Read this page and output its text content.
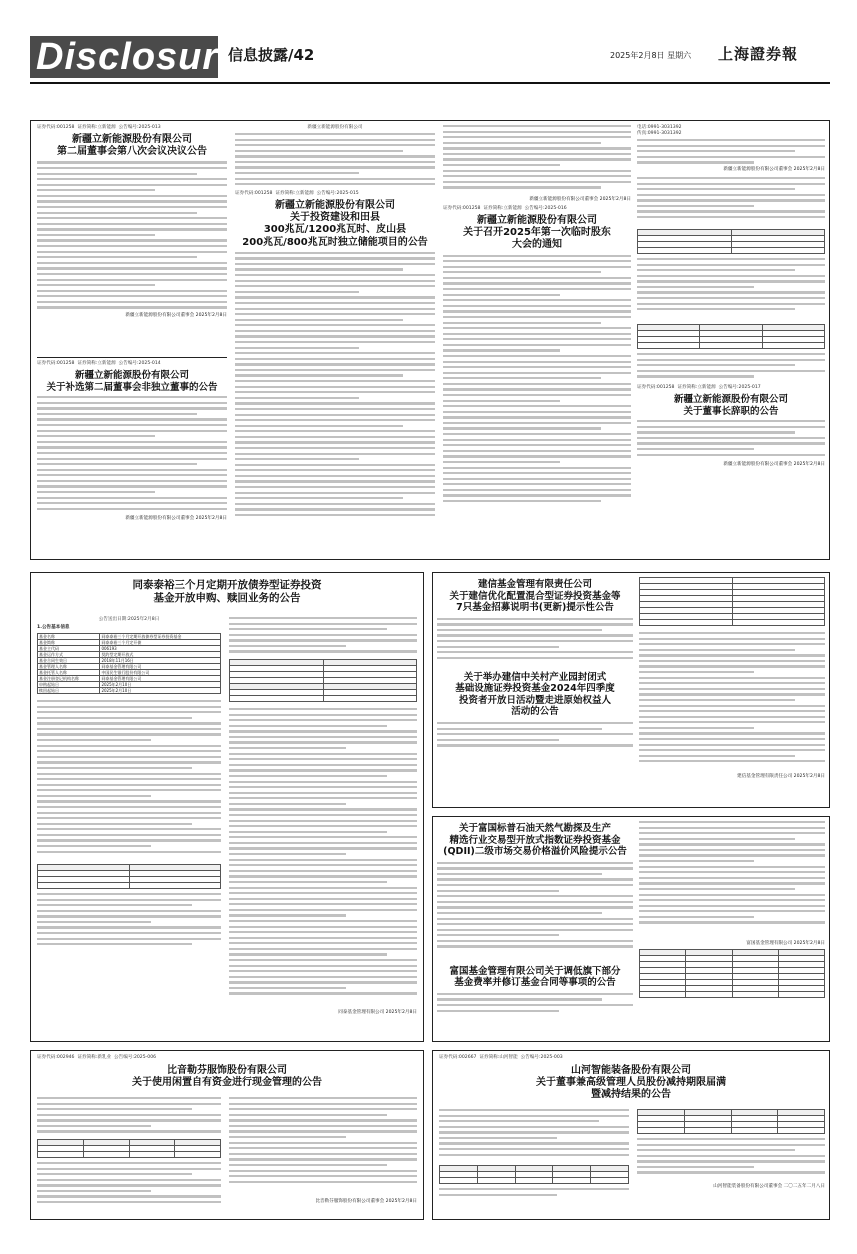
Disclosure
信息披露/42	2025年2月8日 星期六 上海證券報
证券代码:001258 证券简称:立新能源 公告编号:2025-013
新疆立新能源股份有限公司
第二届董事会第八次会议决议公告
新疆立新能源股份有限公司董事会 2025年2月8日
证券代码:001258 证券简称:立新能源 公告编号:2025-014
新疆立新能源股份有限公司
关于补选第二届董事会非独立董事的公告
新疆立新能源股份有限公司董事会 2025年2月8日
新疆立新能源股份有限公司
证券代码:001258 证券简称:立新能源 公告编号:2025-015
新疆立新能源股份有限公司
关于投资建设和田县
300兆瓦/1200兆瓦时、皮山县
200兆瓦/800兆瓦时独立储能项目的公告
新疆立新能源股份有限公司董事会 2025年2月8日
证券代码:001258 证券简称:立新能源 公告编号:2025-016
新疆立新能源股份有限公司
关于召开2025年第一次临时股东
大会的通知
电话:0991-3031392
传真:0991-3031392
新疆立新能源股份有限公司董事会 2025年2月8日

证券代码:001258 证券简称:立新能源 公告编号:2025-017
新疆立新能源股份有限公司
关于董事长辞职的公告
新疆立新能源股份有限公司董事会 2025年2月8日
同泰泰裕三个月定期开放债券型证券投资
基金开放申购、赎回业务的公告
公告送出日期:2025年2月8日
1.公告基本信息
基金名称	同泰泰裕三个月定期开放债券型证券投资基金
基金简称	同泰泰裕三个月定开债
基金主代码	006193
基金运作方式	契约型定期开放式
基金合同生效日	2018年11月16日
基金管理人名称	同泰基金管理有限公司
基金托管人名称	中国民生银行股份有限公司
基金注册登记机构名称	同泰基金管理有限公司
申购起始日	2025年2月10日
赎回起始日	2025年2月10日

同泰基金管理有限公司 2025年2月8日
建信基金管理有限责任公司
关于建信优化配置混合型证券投资基金等
7只基金招募说明书(更新)提示性公告
关于举办建信中关村产业园封闭式
基础设施证券投资基金2024年四季度
投资者开放日活动暨走进原始权益人
活动的公告

建信基金管理有限责任公司 2025年2月8日
关于富国标普石油天然气勘探及生产
精选行业交易型开放式指数证券投资基金
(QDII)二级市场交易价格溢价风险提示公告
富国基金管理有限公司关于调低旗下部分
基金费率并修订基金合同等事项的公告
富国基金管理有限公司 2025年2月8日

证券代码:002946 证券简称:新乳业 公告编号:2025-006
比音勒芬服饰股份有限公司
关于使用闲置自有资金进行现金管理的公告

比音勒芬服饰股份有限公司董事会 2025年2月8日
证券代码:002667 证券简称:山河智能 公告编号:2025-003
山河智能装备股份有限公司
关于董事兼高级管理人员股份减持期限届满
暨减持结果的公告

山河智能装备股份有限公司董事会 二〇二五年二月八日
